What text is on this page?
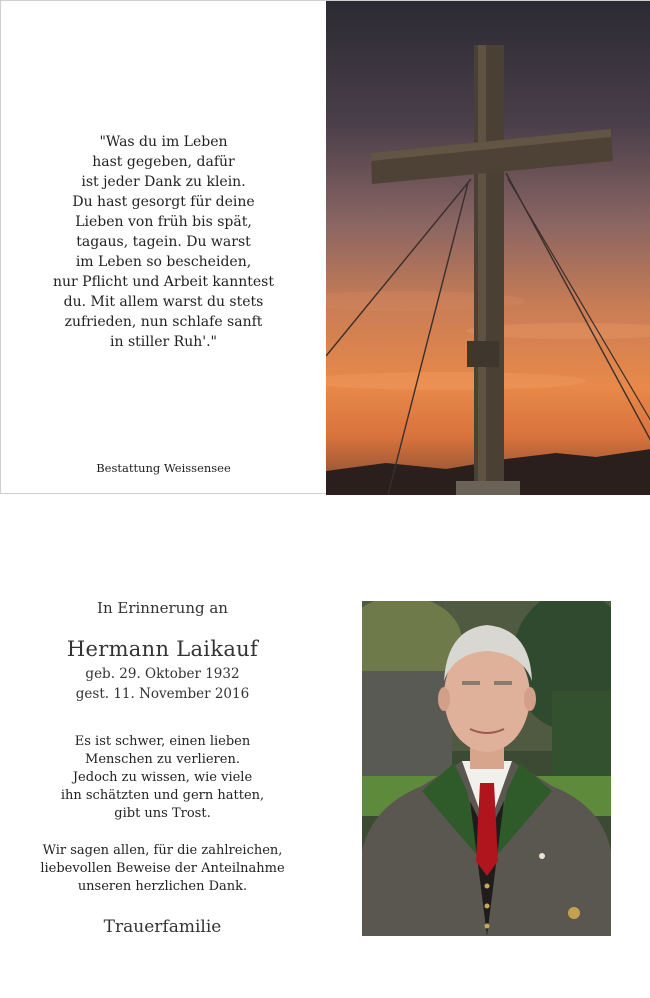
"Was du im Leben
hast gegeben, dafür
ist jeder Dank zu klein.
Du hast gesorgt für deine
Lieben von früh bis spät,
tagaus, tagein. Du warst
im Leben so bescheiden,
nur Pflicht und Arbeit kanntest
du. Mit allem warst du stets
zufrieden, nun schlafe sanft
in stiller Ruh'."
Bestattung Weissensee
In Erinnerung an
Hermann Laikauf
geb. 29. Oktober 1932
gest. 11. November 2016
Es ist schwer, einen lieben
Menschen zu verlieren.
Jedoch zu wissen, wie viele
ihn schätzten und gern hatten,
gibt uns Trost.
Wir sagen allen, für die zahlreichen,
liebevollen Beweise der Anteilnahme
unseren herzlichen Dank.
Trauerfamilie
